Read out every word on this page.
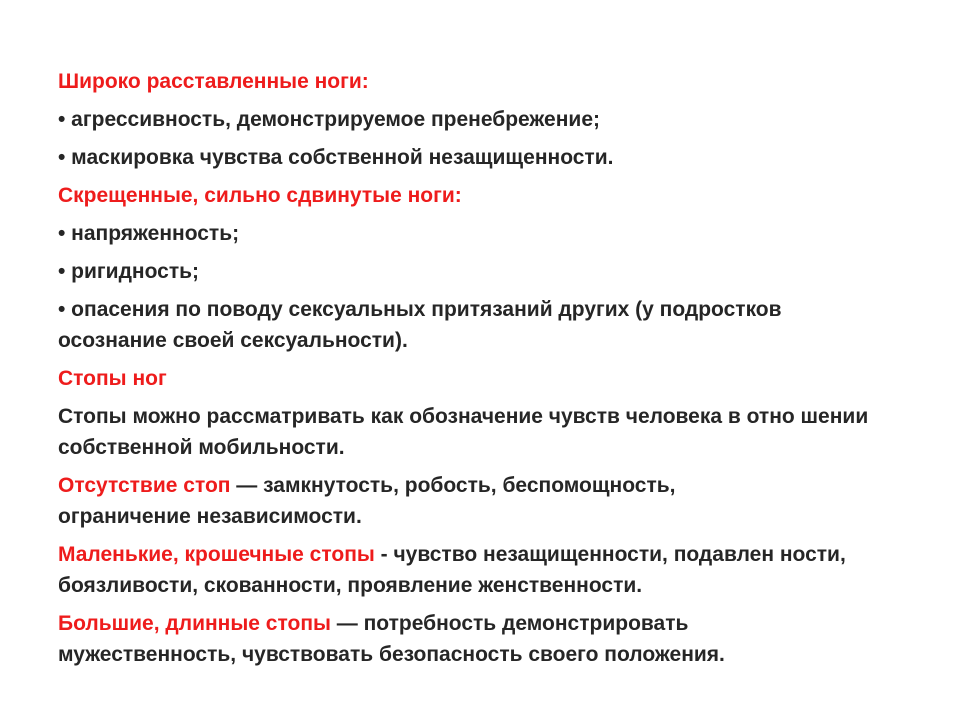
Широко расставленные ноги:
• агрессивность, демонстрируемое пренебрежение;
• маскировка чувства собственной незащищенности.
Скрещенные, сильно сдвинутые ноги:
• напряженность;
• ригидность;
• опасения по поводу сексуальных притязаний других (у подростков осознание своей сексуальности).
Стопы ног
Стопы можно рассматривать как обозначение чувств человека в отно шении собственной мобильности.
Отсутствие стоп — замкнутость, робость, беспомощность, ограничение независимости.
Маленькие, крошечные стопы - чувство незащищенности, подавлен ности, боязливости, скованности, проявление женственности.
Большие, длинные стопы — потребность демонстрировать мужественность, чувствовать безопасность своего положения.
